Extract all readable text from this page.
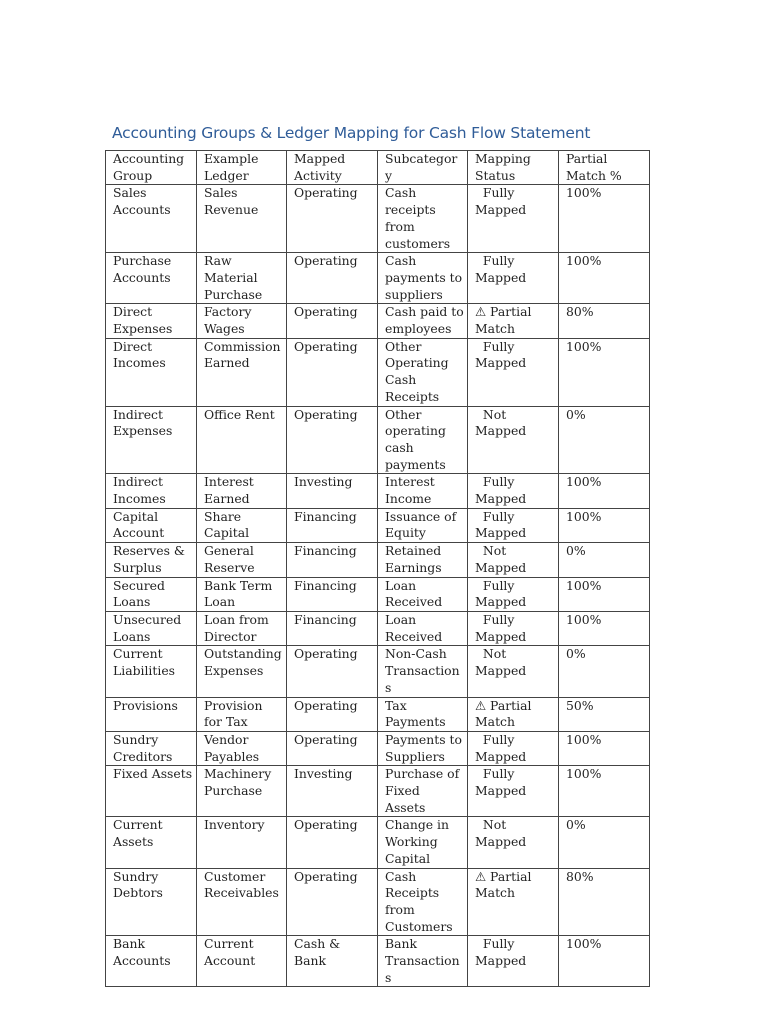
Accounting Groups & Ledger Mapping for Cash Flow Statement
Accounting Group	Example Ledger	Mapped Activity	Subcategory	Mapping Status	Partial Match %
Sales Accounts	Sales Revenue	Operating	Cash receipts from customers	Fully Mapped	100%
Purchase Accounts	Raw Material Purchase	Operating	Cash payments to suppliers	Fully Mapped	100%
Direct Expenses	Factory Wages	Operating	Cash paid to employees	⚠ Partial Match	80%
Direct Incomes	Commission Earned	Operating	Other Operating Cash Receipts	Fully Mapped	100%
Indirect Expenses	Office Rent	Operating	Other operating cash payments	Not Mapped	0%
Indirect Incomes	Interest Earned	Investing	Interest Income	Fully Mapped	100%
Capital Account	Share Capital	Financing	Issuance of Equity	Fully Mapped	100%
Reserves & Surplus	General Reserve	Financing	Retained Earnings	Not Mapped	0%
Secured Loans	Bank Term Loan	Financing	Loan Received	Fully Mapped	100%
Unsecured Loans	Loan from Director	Financing	Loan Received	Fully Mapped	100%
Current Liabilities	Outstanding Expenses	Operating	Non-Cash Transactions	Not Mapped	0%
Provisions	Provision for Tax	Operating	Tax Payments	⚠ Partial Match	50%
Sundry Creditors	Vendor Payables	Operating	Payments to Suppliers	Fully Mapped	100%
Fixed Assets	Machinery Purchase	Investing	Purchase of Fixed Assets	Fully Mapped	100%
Current Assets	Inventory	Operating	Change in Working Capital	Not Mapped	0%
Sundry Debtors	Customer Receivables	Operating	Cash Receipts from Customers	⚠ Partial Match	80%
Bank Accounts	Current Account	Cash & Bank	Bank Transactions	Fully Mapped	100%
